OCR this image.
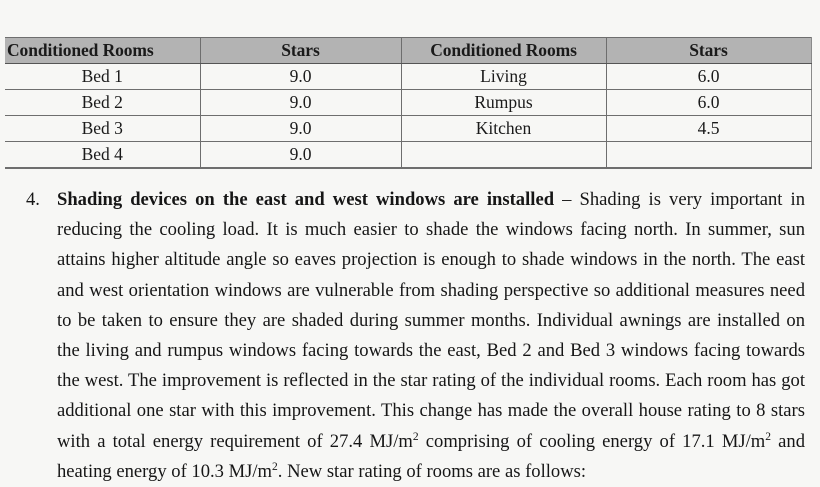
Conditioned Rooms	Stars	Conditioned Rooms	Stars
Bed 1	9.0	Living	6.0
Bed 2	9.0	Rumpus	6.0
Bed 3	9.0	Kitchen	4.5
Bed 4	9.0		
4. Shading devices on the east and west windows are installed – Shading is very important in reducing the cooling load. It is much easier to shade the windows facing north. In summer, sun attains higher altitude angle so eaves projection is enough to shade windows in the north. The east and west orientation windows are vulnerable from shading perspective so additional measures need to be taken to ensure they are shaded during summer months. Individual awnings are installed on the living and rumpus windows facing towards the east, Bed 2 and Bed 3 windows facing towards the west. The improvement is reflected in the star rating of the individual rooms. Each room has got additional one star with this improvement. This change has made the overall house rating to 8 stars with a total energy requirement of 27.4 $MJ/m^2$ comprising of cooling energy of 17.1 $MJ/m^2$ and heating energy of 10.3 $MJ/m^2$. New star rating of rooms are as follows:
